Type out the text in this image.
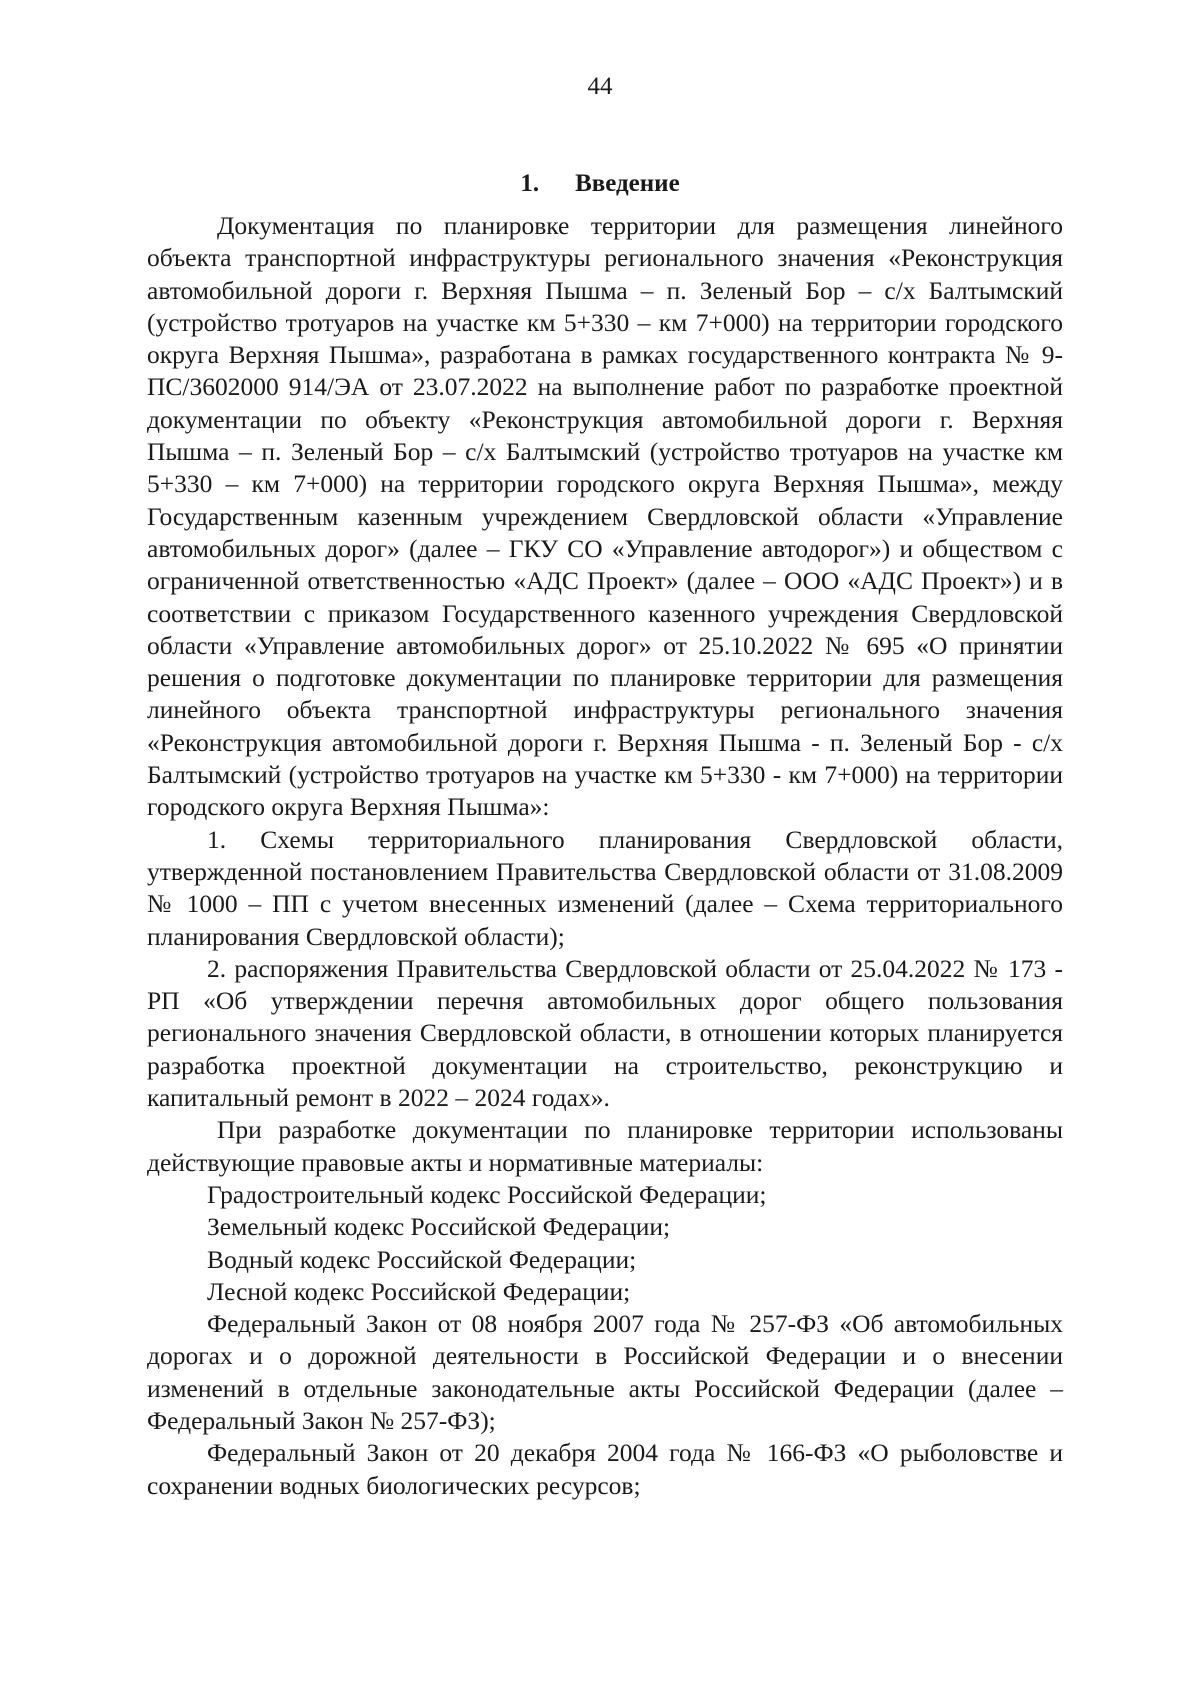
44
1. Введение

Документация по планировке территории для размещения линейного объекта транспортной инфраструктуры регионального значения «Реконструкция автомобильной дороги г. Верхняя Пышма – п. Зеленый Бор – с/х Балтымский (устройство тротуаров на участке км 5+330 – км 7+000) на территории городского округа Верхняя Пышма», разработана в рамках государственного контракта № 9- ПС/3602000 914/ЭА от 23.07.2022 на выполнение работ по разработке проектной документации по объекту «Реконструкция автомобильной дороги г. Верхняя Пышма – п. Зеленый Бор – с/х Балтымский (устройство тротуаров на участке км 5+330 – км 7+000) на территории городского округа Верхняя Пышма», между Государственным казенным учреждением Свердловской области «Управление автомобильных дорог» (далее – ГКУ СО «Управление автодорог») и обществом с ограниченной ответственностью «АДС Проект» (далее – ООО «АДС Проект») и в соответствии с приказом Государственного казенного учреждения Свердловской области «Управление автомобильных дорог» от 25.10.2022 № 695 «О принятии решения о подготовке документации по планировке территории для размещения линейного объекта транспортной инфраструктуры регионального значения «Реконструкция автомобильной дороги г. Верхняя Пышма - п. Зеленый Бор - с/х Балтымский (устройство тротуаров на участке км 5+330 - км 7+000) на территории городского округа Верхняя Пышма»:

1. Схемы территориального планирования Свердловской области, утвержденной постановлением Правительства Свердловской области от 31.08.2009 № 1000 – ПП с учетом внесенных изменений (далее – Схема территориального планирования Свердловской области);

2. распоряжения Правительства Свердловской области от 25.04.2022 № 173 - РП «Об утверждении перечня автомобильных дорог общего пользования регионального значения Свердловской области, в отношении которых планируется разработка проектной документации на строительство, реконструкцию и капитальный ремонт в 2022 – 2024 годах».

При разработке документации по планировке территории использованы действующие правовые акты и нормативные материалы:

Градостроительный кодекс Российской Федерации;

Земельный кодекс Российской Федерации;

Водный кодекс Российской Федерации;

Лесной кодекс Российской Федерации;

Федеральный Закон от 08 ноября 2007 года № 257-ФЗ «Об автомобильных дорогах и о дорожной деятельности в Российской Федерации и о внесении изменений в отдельные законодательные акты Российской Федерации (далее – Федеральный Закон № 257-ФЗ);

Федеральный Закон от 20 декабря 2004 года № 166-ФЗ «О рыболовстве и сохранении водных биологических ресурсов;
